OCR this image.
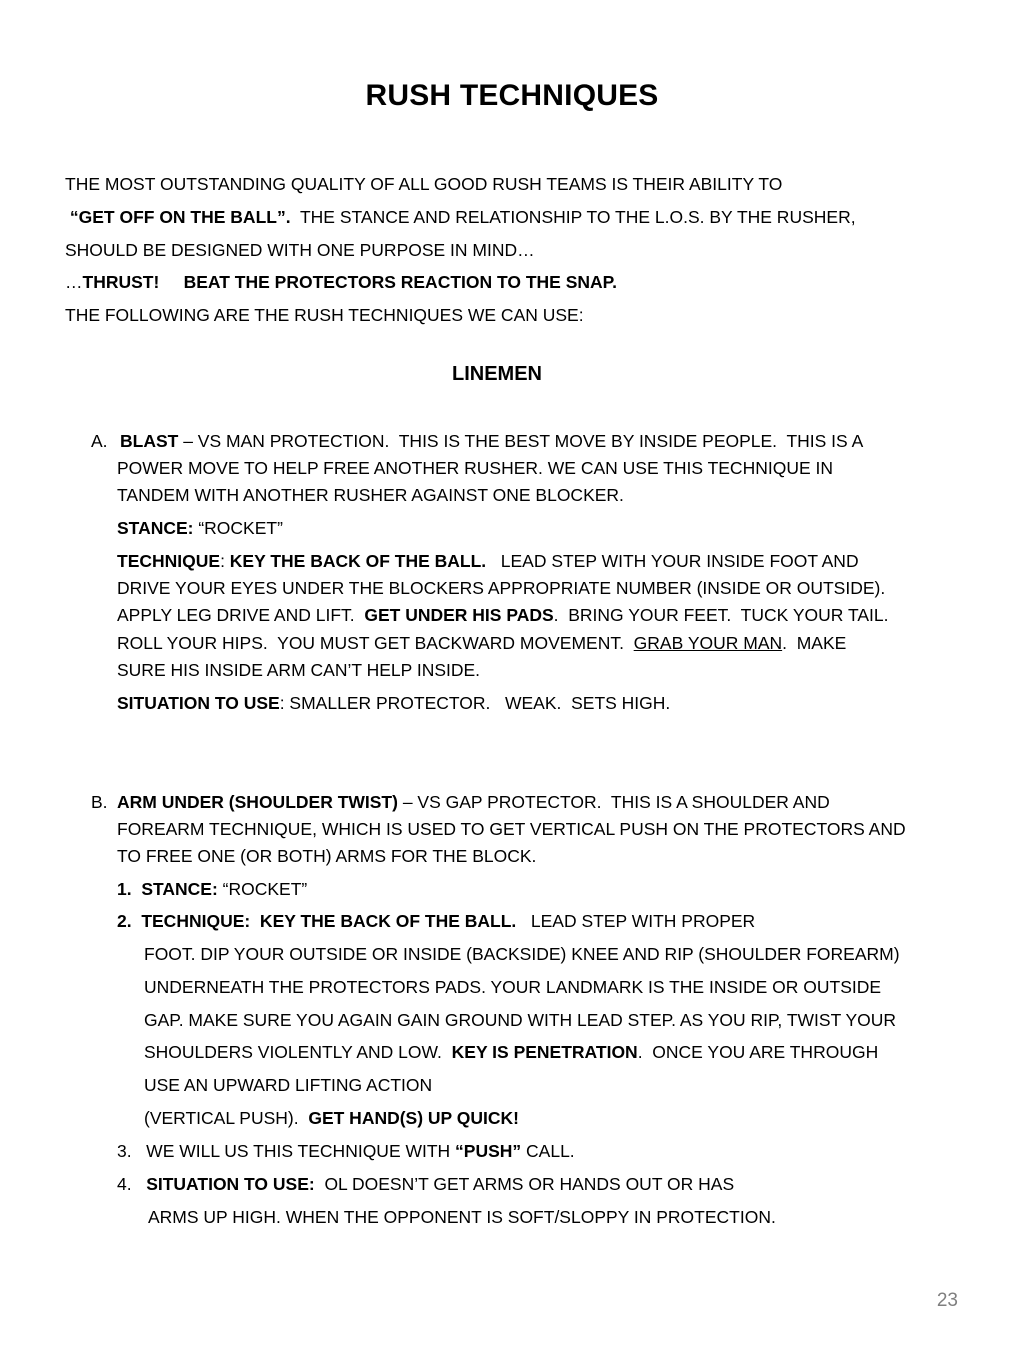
RUSH TECHNIQUES
THE MOST OUTSTANDING QUALITY OF ALL GOOD RUSH TEAMS IS THEIR ABILITY TO
“GET OFF ON THE BALL”.  THE STANCE AND RELATIONSHIP TO THE L.O.S. BY THE RUSHER,
SHOULD BE DESIGNED WITH ONE PURPOSE IN MIND…
…THRUST!     BEAT THE PROTECTORS REACTION TO THE SNAP.
THE FOLLOWING ARE THE RUSH TECHNIQUES WE CAN USE:
LINEMEN
A. BLAST – VS MAN PROTECTION.  THIS IS THE BEST MOVE BY INSIDE PEOPLE.  THIS IS A
POWER MOVE TO HELP FREE ANOTHER RUSHER. WE CAN USE THIS TECHNIQUE IN
TANDEM WITH ANOTHER RUSHER AGAINST ONE BLOCKER.
STANCE: “ROCKET”
TECHNIQUE: KEY THE BACK OF THE BALL.   LEAD STEP WITH YOUR INSIDE FOOT AND
DRIVE YOUR EYES UNDER THE BLOCKERS APPROPRIATE NUMBER (INSIDE OR OUTSIDE).
APPLY LEG DRIVE AND LIFT.  GET UNDER HIS PADS.  BRING YOUR FEET.  TUCK YOUR TAIL.
ROLL YOUR HIPS.  YOU MUST GET BACKWARD MOVEMENT.  GRAB YOUR MAN.  MAKE
SURE HIS INSIDE ARM CAN’T HELP INSIDE.
SITUATION TO USE: SMALLER PROTECTOR.   WEAK.  SETS HIGH.
B. ARM UNDER (SHOULDER TWIST) – VS GAP PROTECTOR.  THIS IS A SHOULDER AND
FOREARM TECHNIQUE, WHICH IS USED TO GET VERTICAL PUSH ON THE PROTECTORS AND
TO FREE ONE (OR BOTH) ARMS FOR THE BLOCK.
1.  STANCE: “ROCKET”
2.  TECHNIQUE:  KEY THE BACK OF THE BALL.   LEAD STEP WITH PROPER
FOOT. DIP YOUR OUTSIDE OR INSIDE (BACKSIDE) KNEE AND RIP (SHOULDER FOREARM)
UNDERNEATH THE PROTECTORS PADS. YOUR LANDMARK IS THE INSIDE OR OUTSIDE
GAP. MAKE SURE YOU AGAIN GAIN GROUND WITH LEAD STEP. AS YOU RIP, TWIST YOUR
SHOULDERS VIOLENTLY AND LOW.  KEY IS PENETRATION.  ONCE YOU ARE THROUGH
USE AN UPWARD LIFTING ACTION
(VERTICAL PUSH).  GET HAND(S) UP QUICK!
3.   WE WILL US THIS TECHNIQUE WITH “PUSH” CALL.
4.   SITUATION TO USE:  OL DOESN’T GET ARMS OR HANDS OUT OR HAS
ARMS UP HIGH. WHEN THE OPPONENT IS SOFT/SLOPPY IN PROTECTION.
23
